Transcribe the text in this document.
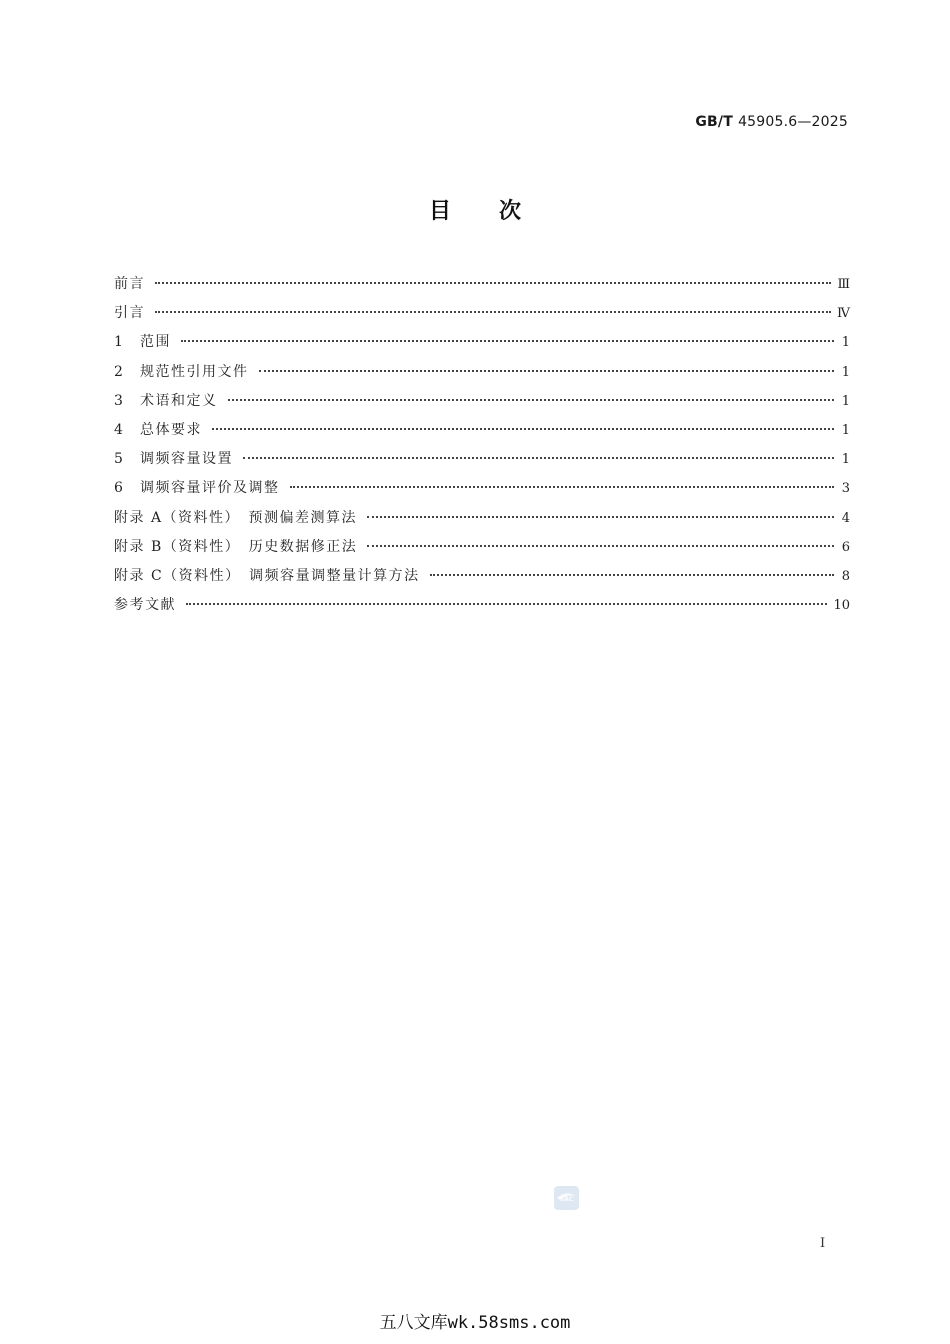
GB/T 45905.6—2025
目次
前言	Ⅲ
引言	Ⅳ
1	范围	1
2	规范性引用文件	1
3	术语和定义	1
4	总体要求	1
5	调频容量设置	1
6	调频容量评价及调整	3
附录 A（资料性）　预测偏差测算法	4
附录 B（资料性）　历史数据修正法	6
附录 C（资料性）　调频容量调整量计算方法	8
参考文献	10
SAC
I
五八文库wk.58sms.com
